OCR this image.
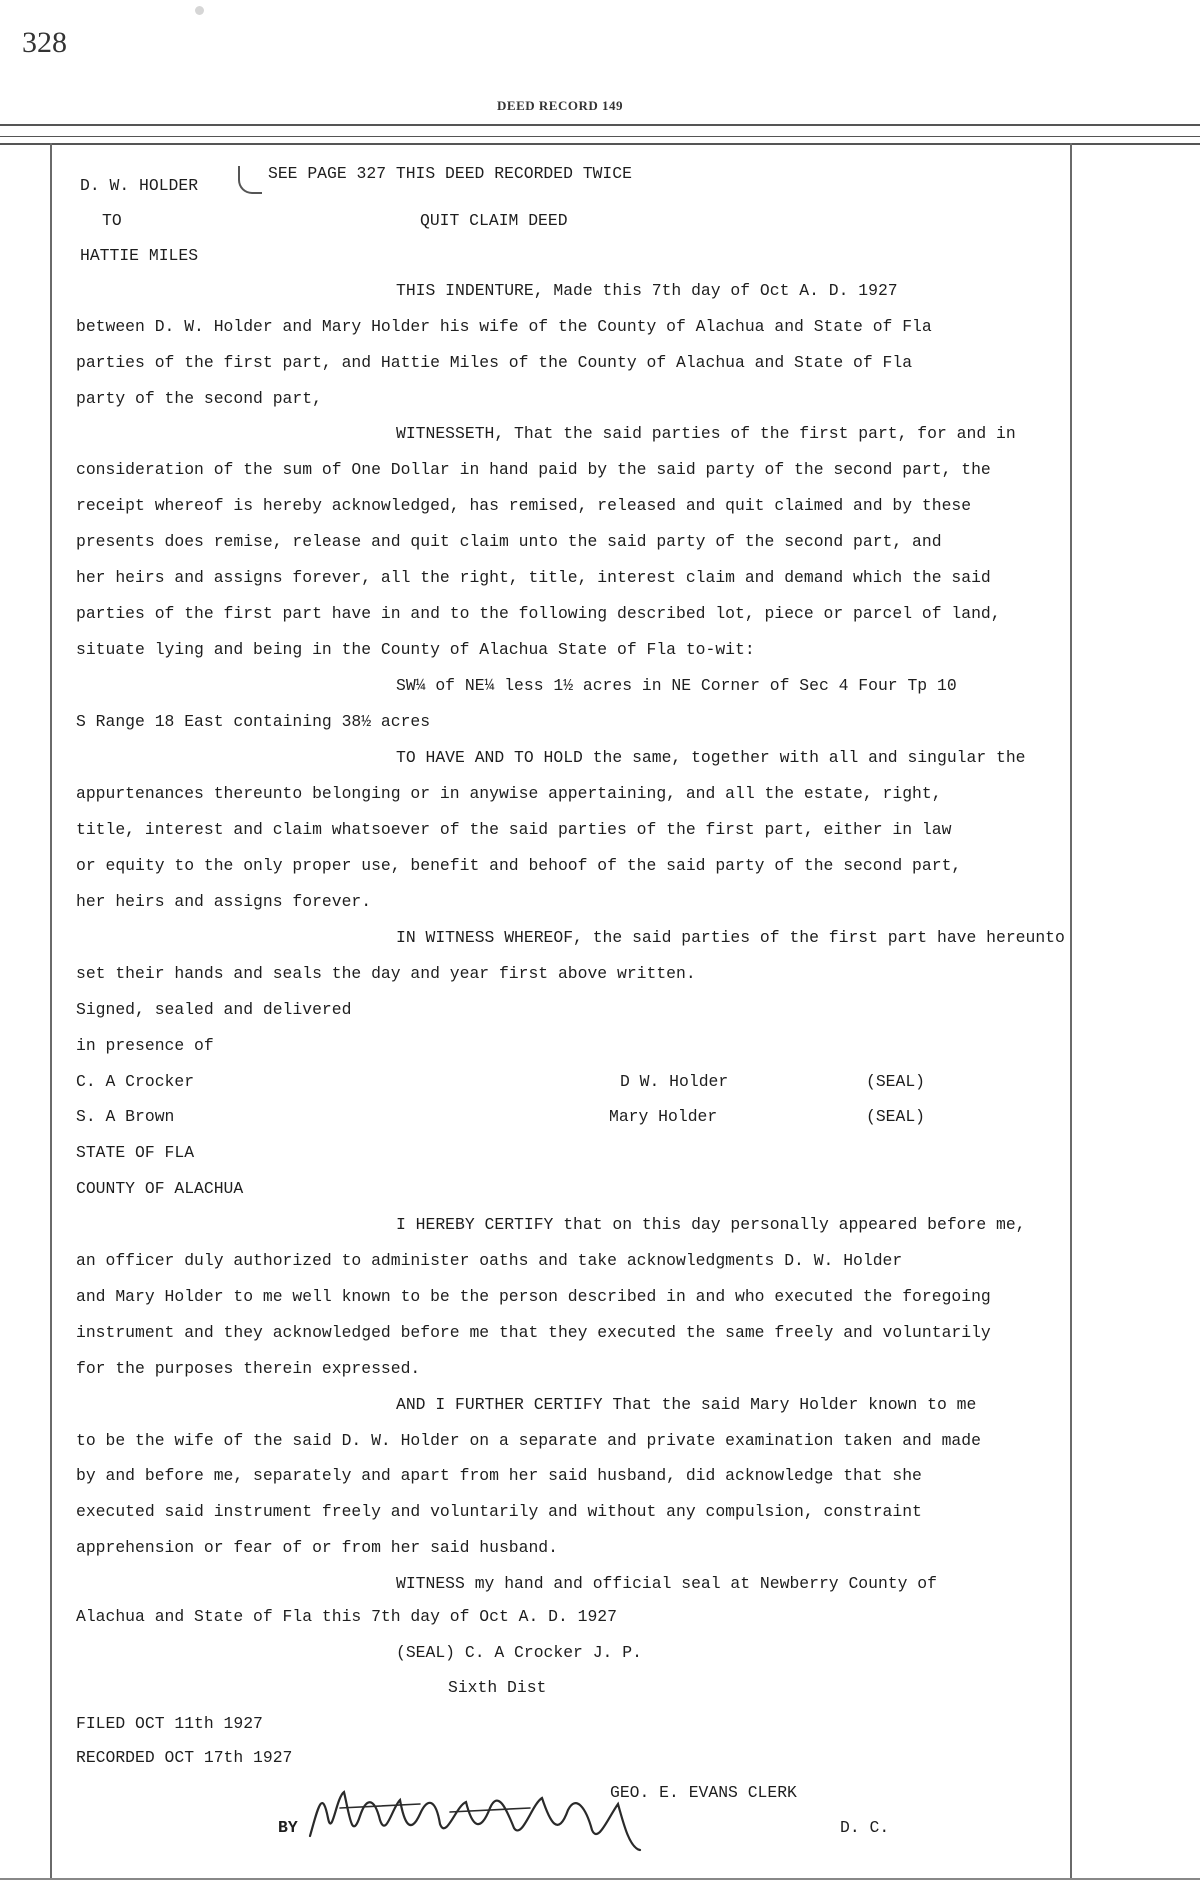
328
DEED RECORD 149
D. W. HOLDER
SEE PAGE 327 THIS DEED RECORDED TWICE
TO	QUIT CLAIM DEED
HATTIE MILES
THIS INDENTURE, Made this 7th day of Oct A. D. 1927
between D. W. Holder and Mary Holder his wife of the County of Alachua and State of Fla
parties of the first part, and Hattie Miles of the County of Alachua and State of Fla
party of the second part,
WITNESSETH, That the said parties of the first part, for and in
consideration of the sum of One Dollar in hand paid by the said party of the second part, the
receipt whereof is hereby acknowledged, has remised, released and quit claimed and by these
presents does remise, release and quit claim unto the said party of the second part, and
her heirs and assigns forever, all the right, title, interest claim and demand which the said
parties of the first part have in and to the following described lot, piece or parcel of land,
situate lying and being in the County of Alachua State of Fla to-wit:
SW¼ of NE¼ less 1½ acres in NE Corner of Sec 4 Four Tp 10
S Range 18 East containing 38½ acres
TO HAVE AND TO HOLD the same, together with all and singular the
appurtenances thereunto belonging or in anywise appertaining, and all the estate, right,
title, interest and claim whatsoever of the said parties of the first part, either in law
or equity to the only proper use, benefit and behoof of the said party of the second part,
her heirs and assigns forever.
IN WITNESS WHEREOF, the said parties of the first part have hereunto
set their hands and seals the day and year first above written.
Signed, sealed and delivered
in presence of
C. A Crocker	D W. Holder	(SEAL)
S. A Brown	Mary Holder	(SEAL)
STATE OF FLA
COUNTY OF ALACHUA
I HEREBY CERTIFY that on this day personally appeared before me,
an officer duly authorized to administer oaths and take acknowledgments D. W. Holder
and Mary Holder to me well known to be the person described in and who executed the foregoing
instrument and they acknowledged before me that they executed the same freely and voluntarily
for the purposes therein expressed.
AND I FURTHER CERTIFY That the said Mary Holder known to me
to be the wife of the said D. W. Holder on a separate and private examination taken and made
by and before me, separately and apart from her said husband, did acknowledge that she
executed said instrument freely and voluntarily and without any compulsion, constraint
apprehension or fear of or from her said husband.
WITNESS my hand and official seal at Newberry County of
Alachua and State of Fla this 7th day of Oct A. D. 1927
(SEAL) C. A Crocker J. P.
Sixth Dist
FILED OCT 11th 1927
RECORDED OCT 17th 1927
GEO. E. EVANS CLERK
BY	D. C.
